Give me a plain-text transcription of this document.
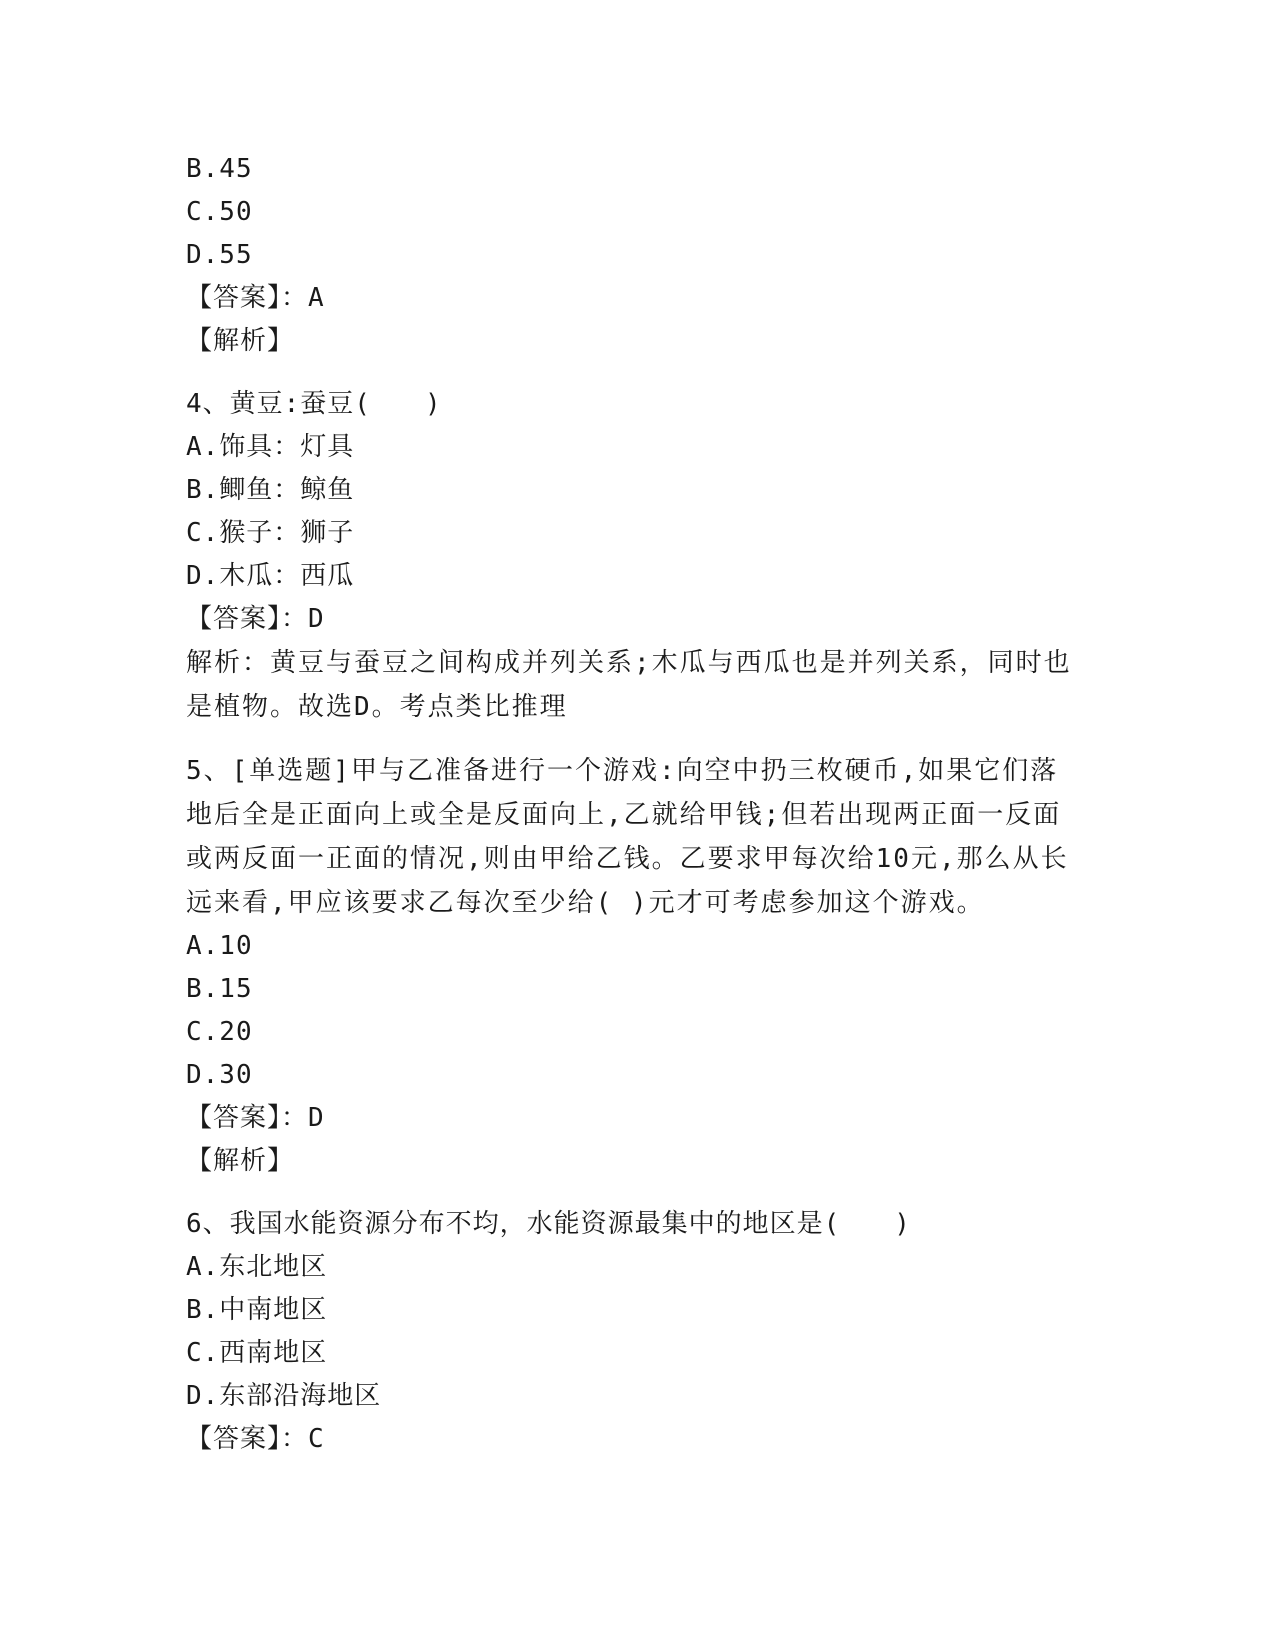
B.45
C.50
D.55
【答案】：A
【解析】
4、黄豆:蚕豆(　　)
A.饰具：灯具
B.鲫鱼：鲸鱼
C.猴子：狮子
D.木瓜：西瓜
【答案】：D
解析：黄豆与蚕豆之间构成并列关系;木瓜与西瓜也是并列关系，同时也是植物。故选D。考点类比推理
5、[单选题]甲与乙准备进行一个游戏:向空中扔三枚硬币,如果它们落地后全是正面向上或全是反面向上,乙就给甲钱;但若出现两正面一反面或两反面一正面的情况,则由甲给乙钱。乙要求甲每次给10元,那么从长远来看,甲应该要求乙每次至少给( )元才可考虑参加这个游戏。
A.10
B.15
C.20
D.30
【答案】：D
【解析】
6、我国水能资源分布不均，水能资源最集中的地区是(　　)
A.东北地区
B.中南地区
C.西南地区
D.东部沿海地区
【答案】：C
